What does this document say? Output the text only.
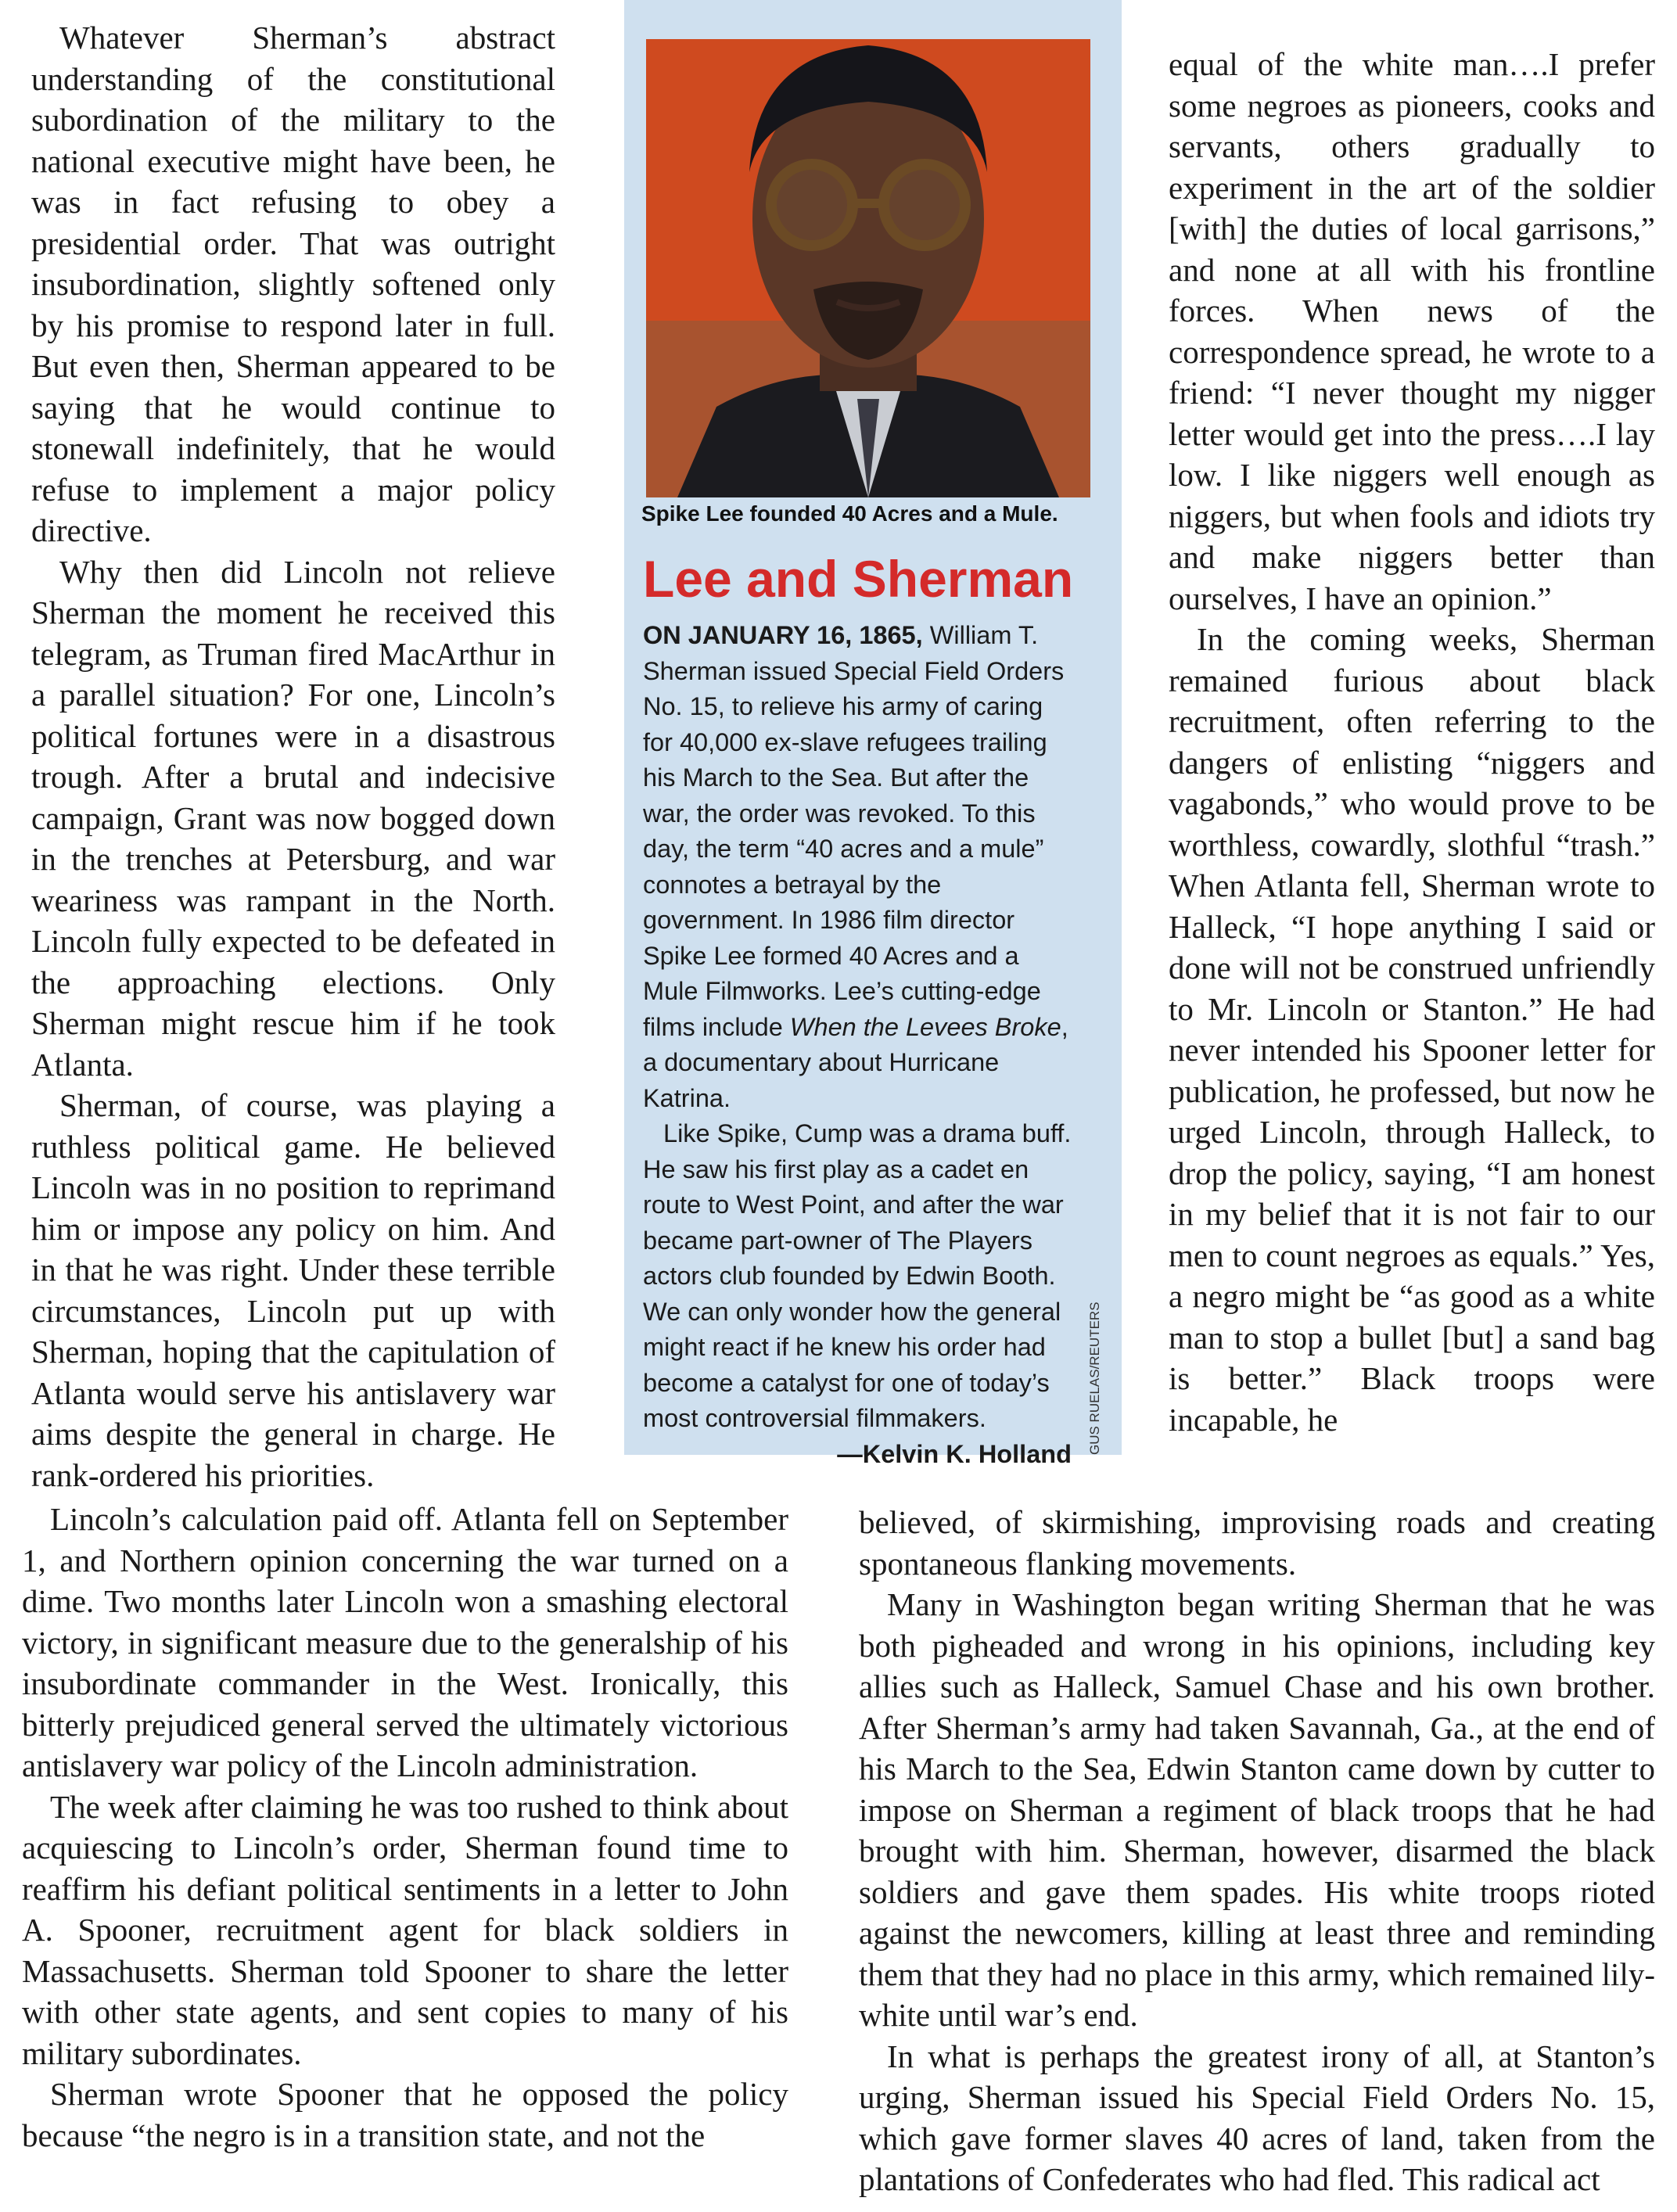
Whatever Sherman’s abstract understanding of the constitutional subordination of the military to the national executive might have been, he was in fact refusing to obey a presidential order. That was outright insubordination, slightly softened only by his promise to respond later in full. But even then, Sherman appeared to be saying that he would continue to stonewall indefinitely, that he would refuse to implement a major policy directive.

Why then did Lincoln not relieve Sherman the moment he received this telegram, as Truman fired MacArthur in a parallel situation? For one, Lincoln’s political fortunes were in a disastrous trough. After a brutal and indecisive campaign, Grant was now bogged down in the trenches at Petersburg, and war weariness was rampant in the North. Lincoln fully expected to be defeated in the approaching elections. Only Sherman might rescue him if he took Atlanta.

Sherman, of course, was playing a ruthless political game. He believed Lincoln was in no position to reprimand him or impose any policy on him. And in that he was right. Under these terrible circumstances, Lincoln put up with Sherman, hoping that the capitulation of Atlanta would serve his antislavery war aims despite the general in charge. He rank-ordered his priorities.

Lincoln’s calculation paid off. Atlanta fell on September 1, and Northern opinion concerning the war turned on a dime. Two months later Lincoln won a smashing electoral victory, in significant measure due to the generalship of his insubordinate commander in the West. Ironically, this bitterly prejudiced general served the ultimately victorious antislavery war policy of the Lincoln administration.

The week after claiming he was too rushed to think about acquiescing to Lincoln’s order, Sherman found time to reaffirm his defiant political sentiments in a letter to John A. Spooner, recruitment agent for black soldiers in Massachusetts. Sherman told Spooner to share the letter with other state agents, and sent copies to many of his military subordinates.

Sherman wrote Spooner that he opposed the policy because “the negro is in a transition state, and not the

Spike Lee founded 40 Acres and a Mule.
Lee and Sherman

ON JANUARY 16, 1865, William T. Sherman issued Special Field Orders No. 15, to relieve his army of caring for 40,000 ex-slave refugees trailing his March to the Sea. But after the war, the order was revoked. To this day, the term “40 acres and a mule” connotes a betrayal by the government. In 1986 film director Spike Lee formed 40 Acres and a Mule Filmworks. Lee’s cutting-edge films include When the Levees Broke, a documentary about Hurricane Katrina.

Like Spike, Cump was a drama buff. He saw his first play as a cadet en route to West Point, and after the war became part-owner of The Players actors club founded by Edwin Booth. We can only wonder how the general might react if he knew his order had become a catalyst for one of today’s most controversial filmmakers.

—Kelvin K. Holland GUS RUELAS/REUTERS

equal of the white man….I prefer some negroes as pioneers, cooks and servants, others gradually to experiment in the art of the soldier [with] the duties of local garrisons,” and none at all with his frontline forces. When news of the correspondence spread, he wrote to a friend: “I never thought my nigger letter would get into the press….I lay low. I like niggers well enough as niggers, but when fools and idiots try and make niggers better than ourselves, I have an opinion.”

In the coming weeks, Sherman remained furious about black recruitment, often referring to the dangers of enlisting “niggers and vagabonds,” who would prove to be worthless, cowardly, slothful “trash.” When Atlanta fell, Sherman wrote to Halleck, “I hope anything I said or done will not be construed unfriendly to Mr. Lincoln or Stanton.” He had never intended his Spooner letter for publication, he professed, but now he urged Lincoln, through Halleck, to drop the policy, saying, “I am honest in my belief that it is not fair to our men to count negroes as equals.” Yes, a negro might be “as good as a white man to stop a bullet [but] a sand bag is better.” Black troops were incapable, he

believed, of skirmishing, improvising roads and creating spontaneous flanking movements.

Many in Washington began writing Sherman that he was both pigheaded and wrong in his opinions, including key allies such as Halleck, Samuel Chase and his own brother. After Sherman’s army had taken Savannah, Ga., at the end of his March to the Sea, Edwin Stanton came down by cutter to impose on Sherman a regiment of black troops that he had brought with him. Sherman, however, disarmed the black soldiers and gave them spades. His white troops rioted against the newcomers, killing at least three and reminding them that they had no place in this army, which remained lily-white until war’s end.

In what is perhaps the greatest irony of all, at Stanton’s urging, Sherman issued his Special Field Orders No. 15, which gave former slaves 40 acres of land, taken from the plantations of Confederates who had fled. This radical act
